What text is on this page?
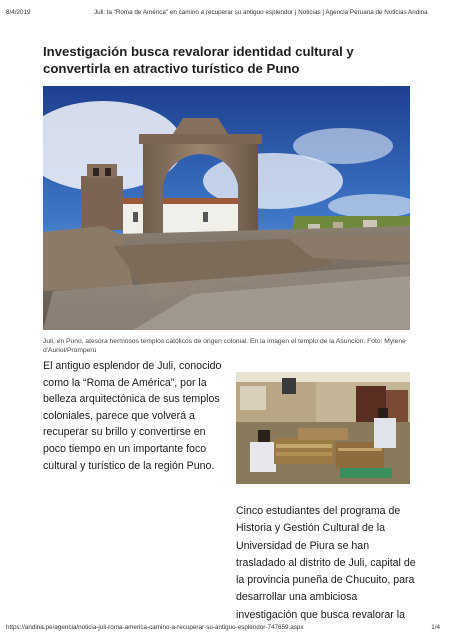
8/4/2019	Juli: la "Roma de América" en camino a recuperar su antiguo esplendor | Noticias | Agencia Peruana de Noticias Andina
Investigación busca revalorar identidad cultural y convertirla en atractivo turístico de Puno

Juli, en Puno, atesora hermosos templos católicos de origen colonial. En la imagen el templo de la Asunción. Foto: Mylene d'Auriol/Promperú

El antiguo esplendor de Juli, conocido como la “Roma de América”, por la belleza arquitectónica de sus templos coloniales, parece que volverá a recuperar su brillo y convertirse en poco tiempo en un importante foco cultural y turístico de la región Puno.

Cinco estudiantes del programa de Historia y Gestión Cultural de la Universidad de Piura se han trasladado al distrito de Juli, capital de la provincia puneña de Chucuito, para desarrollar una ambiciosa investigación que busca revalorar la

https://andina.pe/agencia/noticia-juli-roma-america-camino-a-recuperar-su-antiguo-esplendor-747659.aspx	1/4
